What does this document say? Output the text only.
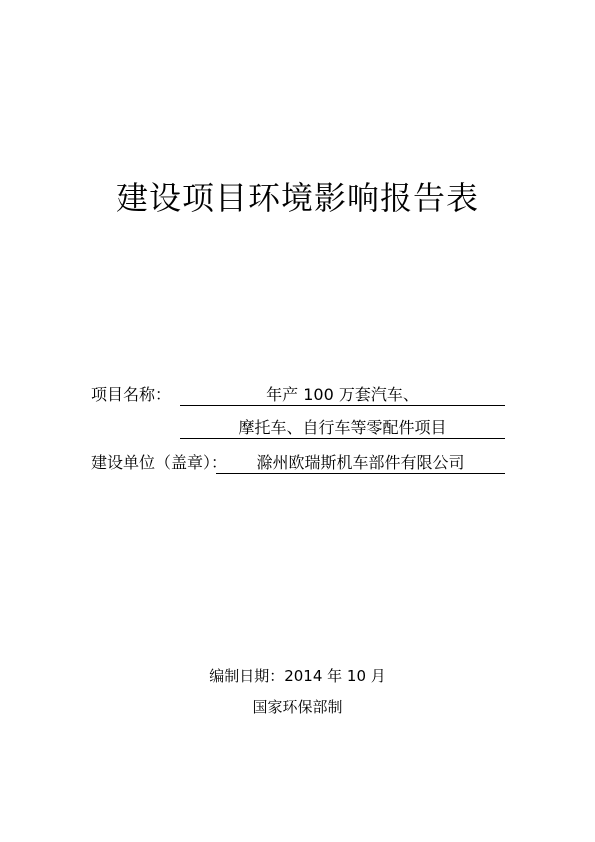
建设项目环境影响报告表
项目名称：	年产 100 万套汽车、
摩托车、自行车等零配件项目
建设单位（盖章）：	滁州欧瑞斯机车部件有限公司
编制日期：2014 年 10 月
国家环保部制
